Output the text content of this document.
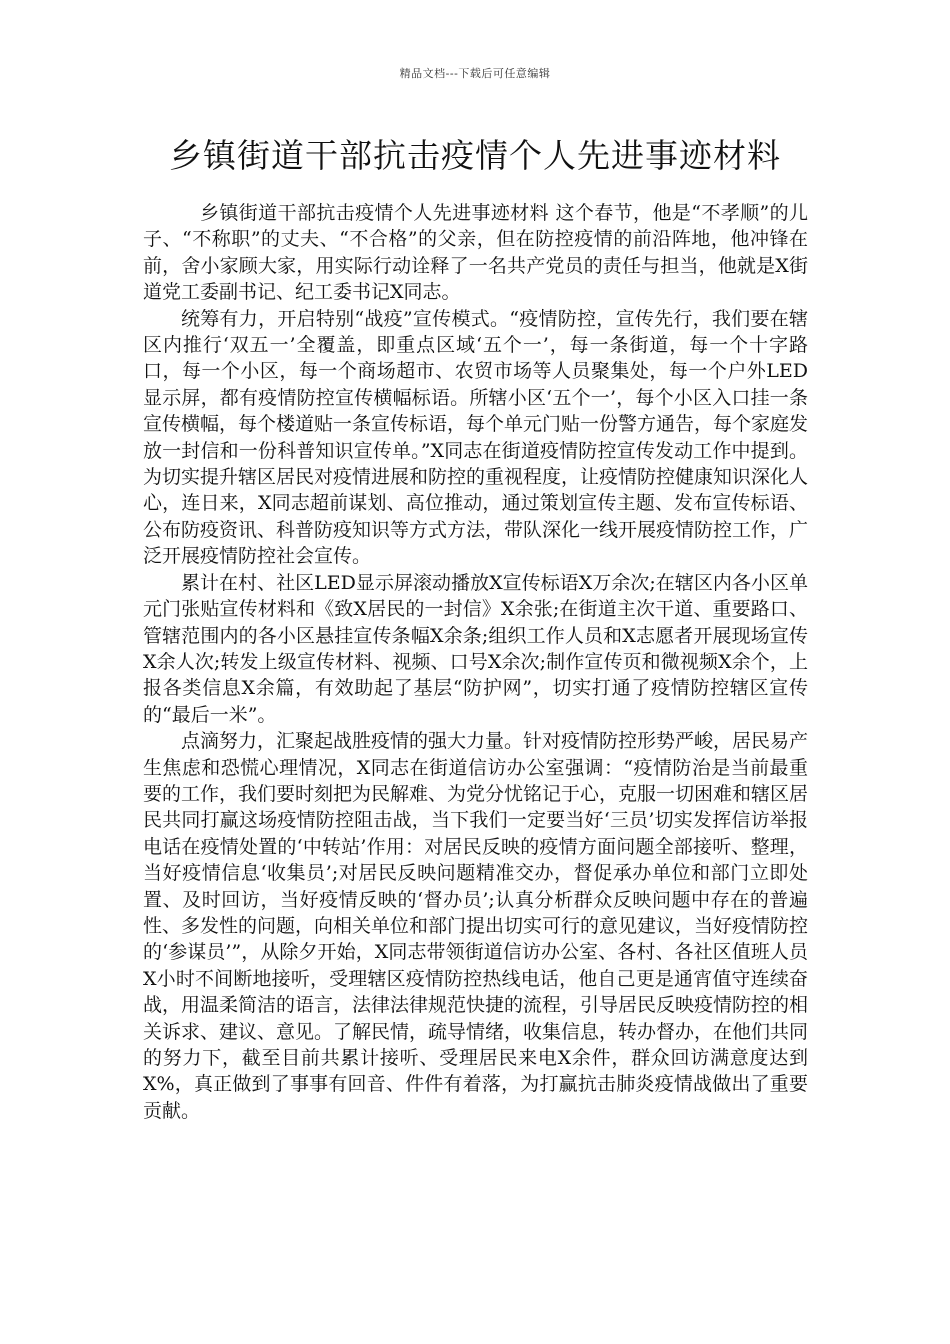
精品文档---下载后可任意编辑
乡镇街道干部抗击疫情个人先进事迹材料

乡镇街道干部抗击疫情个人先进事迹材料 这个春节，他是“不孝顺”的儿子、“不称职”的丈夫、“不合格”的父亲，但在防控疫情的前沿阵地，他冲锋在前，舍小家顾大家，用实际行动诠释了一名共产党员的责任与担当，他就是X街道党工委副书记、纪工委书记X同志。

统筹有力，开启特别“战疫”宣传模式。“疫情防控，宣传先行，我们要在辖区内推行‘双五一’全覆盖，即重点区域‘五个一’，每一条街道，每一个十字路口，每一个小区，每一个商场超市、农贸市场等人员聚集处，每一个户外LED显示屏，都有疫情防控宣传横幅标语。所辖小区‘五个一’，每个小区入口挂一条宣传横幅，每个楼道贴一条宣传标语，每个单元门贴一份警方通告，每个家庭发放一封信和一份科普知识宣传单。”X同志在街道疫情防控宣传发动工作中提到。为切实提升辖区居民对疫情进展和防控的重视程度，让疫情防控健康知识深化人心，连日来，X同志超前谋划、高位推动，通过策划宣传主题、发布宣传标语、公布防疫资讯、科普防疫知识等方式方法，带队深化一线开展疫情防控工作，广泛开展疫情防控社会宣传。

累计在村、社区LED显示屏滚动播放X宣传标语X万余次;在辖区内各小区单元门张贴宣传材料和《致X居民的一封信》X余张;在街道主次干道、重要路口、管辖范围内的各小区悬挂宣传条幅X余条;组织工作人员和X志愿者开展现场宣传X余人次;转发上级宣传材料、视频、口号X余次;制作宣传页和微视频X余个，上报各类信息X余篇，有效助起了基层“防护网”，切实打通了疫情防控辖区宣传的“最后一米”。

点滴努力，汇聚起战胜疫情的强大力量。针对疫情防控形势严峻，居民易产生焦虑和恐慌心理情况，X同志在街道信访办公室强调：“疫情防治是当前最重要的工作，我们要时刻把为民解难、为党分忧铭记于心，克服一切困难和辖区居民共同打赢这场疫情防控阻击战，当下我们一定要当好‘三员’切实发挥信访举报电话在疫情处置的‘中转站’作用：对居民反映的疫情方面问题全部接听、整理，当好疫情信息‘收集员’;对居民反映问题精准交办，督促承办单位和部门立即处置、及时回访，当好疫情反映的‘督办员’;认真分析群众反映问题中存在的普遍性、多发性的问题，向相关单位和部门提出切实可行的意见建议，当好疫情防控的‘参谋员’”，从除夕开始，X同志带领街道信访办公室、各村、各社区值班人员X小时不间断地接听，受理辖区疫情防控热线电话，他自己更是通宵值守连续奋战，用温柔简洁的语言，法律法律规范快捷的流程，引导居民反映疫情防控的相关诉求、建议、意见。了解民情，疏导情绪，收集信息，转办督办，在他们共同的努力下，截至目前共累计接听、受理居民来电X余件，群众回访满意度达到X%，真正做到了事事有回音、件件有着落，为打赢抗击肺炎疫情战做出了重要贡献。
